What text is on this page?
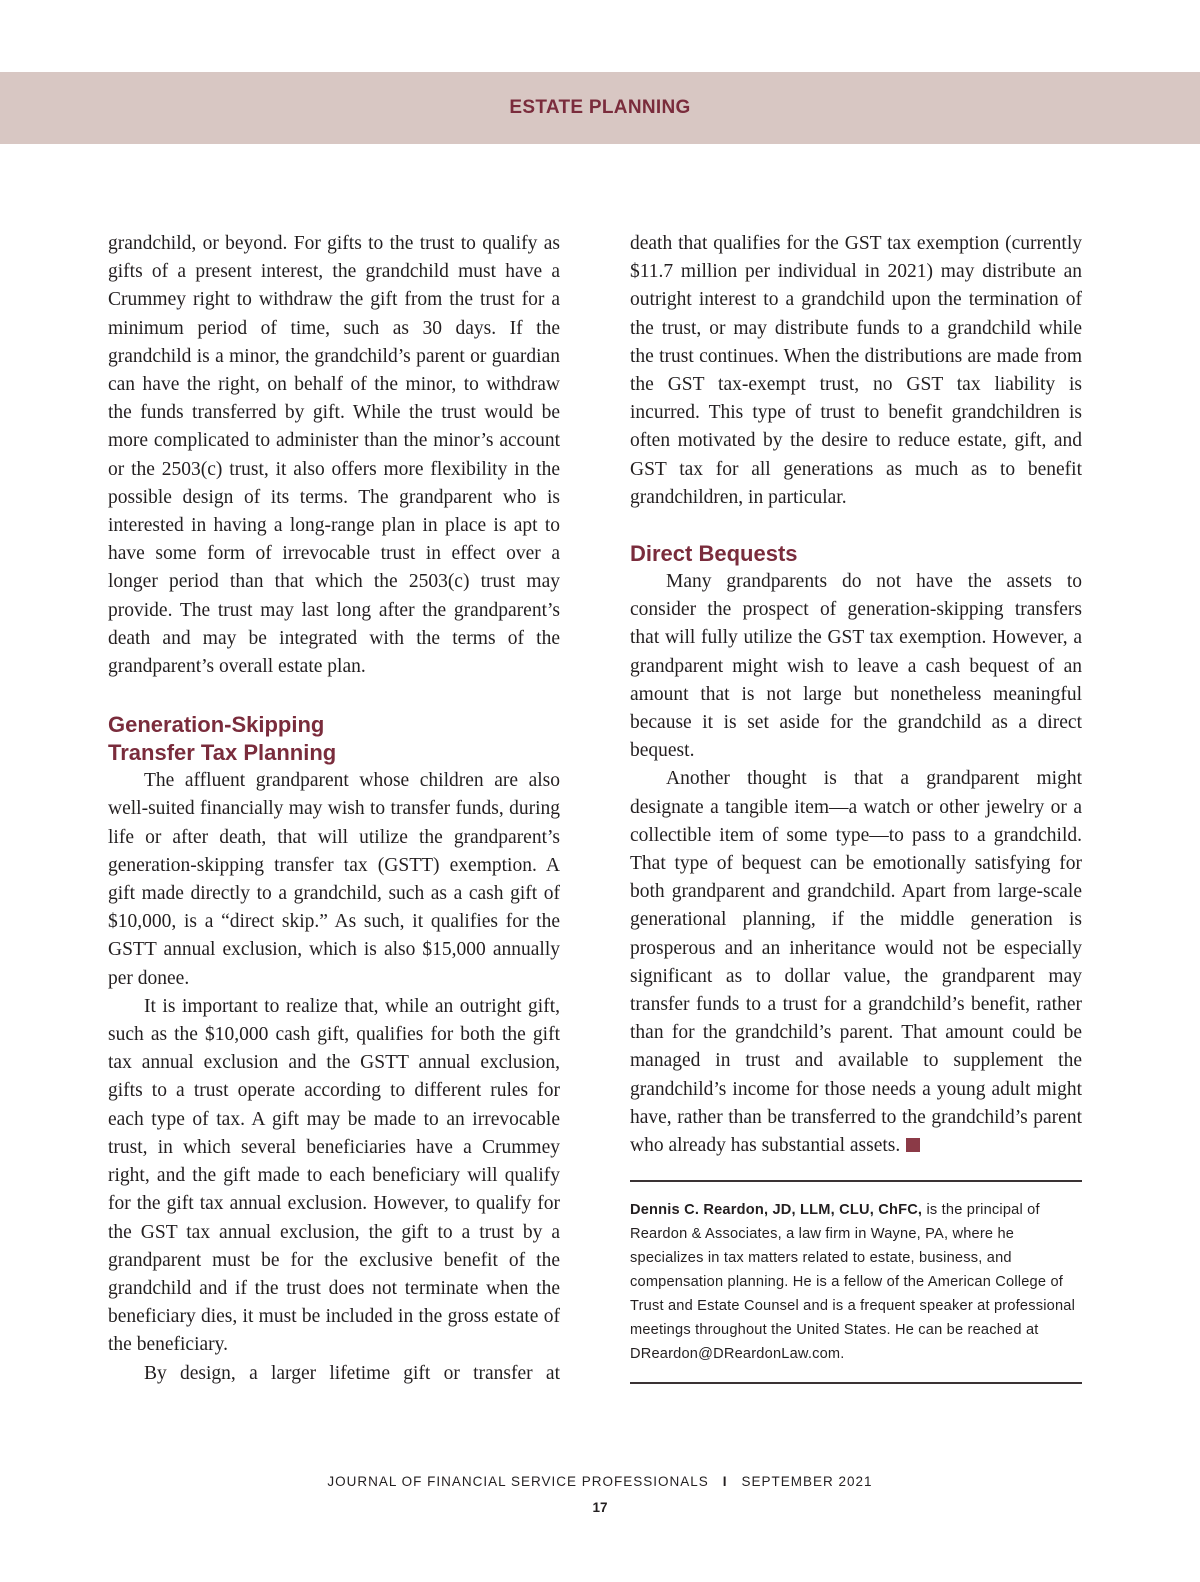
ESTATE PLANNING

grandchild, or beyond. For gifts to the trust to qualify as gifts of a present interest, the grandchild must have a Crummey right to withdraw the gift from the trust for a minimum period of time, such as 30 days. If the grandchild is a minor, the grandchild’s parent or guardian can have the right, on behalf of the minor, to withdraw the funds transferred by gift. While the trust would be more complicated to administer than the minor’s account or the 2503(c) trust, it also offers more flexibility in the possible design of its terms. The grandparent who is interested in having a long-range plan in place is apt to have some form of irrevocable trust in effect over a longer period than that which the 2503(c) trust may provide. The trust may last long after the grandparent’s death and may be integrated with the terms of the grandparent’s overall estate plan.

Generation-Skipping
Transfer Tax Planning

The affluent grandparent whose children are also well-suited financially may wish to transfer funds, during life or after death, that will utilize the grandparent’s generation-skipping transfer tax (GSTT) exemption. A gift made directly to a grandchild, such as a cash gift of $10,000, is a “direct skip.” As such, it qualifies for the GSTT annual exclusion, which is also $15,000 annually per donee.

It is important to realize that, while an outright gift, such as the $10,000 cash gift, qualifies for both the gift tax annual exclusion and the GSTT annual exclusion, gifts to a trust operate according to different rules for each type of tax. A gift may be made to an irrevocable trust, in which several beneficiaries have a Crummey right, and the gift made to each beneficiary will qualify for the gift tax annual exclusion. However, to qualify for the GST tax annual exclusion, the gift to a trust by a grandparent must be for the exclusive benefit of the grandchild and if the trust does not terminate when the beneficiary dies, it must be included in the gross estate of the beneficiary.

By design, a larger lifetime gift or transfer at

death that qualifies for the GST tax exemption (currently $11.7 million per individual in 2021) may distribute an outright interest to a grandchild upon the termination of the trust, or may distribute funds to a grandchild while the trust continues. When the distributions are made from the GST tax-exempt trust, no GST tax liability is incurred. This type of trust to benefit grandchildren is often motivated by the desire to reduce estate, gift, and GST tax for all generations as much as to benefit grandchildren, in particular.

Direct Bequests

Many grandparents do not have the assets to consider the prospect of generation-skipping transfers that will fully utilize the GST tax exemption. However, a grandparent might wish to leave a cash bequest of an amount that is not large but nonetheless meaningful because it is set aside for the grandchild as a direct bequest.

Another thought is that a grandparent might designate a tangible item—a watch or other jewelry or a collectible item of some type—to pass to a grandchild. That type of bequest can be emotionally satisfying for both grandparent and grandchild. Apart from large-scale generational planning, if the middle generation is prosperous and an inheritance would not be especially significant as to dollar value, the grandparent may transfer funds to a trust for a grandchild’s benefit, rather than for the grandchild’s parent. That amount could be managed in trust and available to supplement the grandchild’s income for those needs a young adult might have, rather than be transferred to the grandchild’s parent who already has substantial assets.

Dennis C. Reardon, JD, LLM, CLU, ChFC, is the principal of Reardon & Associates, a law firm in Wayne, PA, where he specializes in tax matters related to estate, business, and compensation planning. He is a fellow of the American College of Trust and Estate Counsel and is a frequent speaker at professional meetings throughout the United States. He can be reached at DReardon@DReardonLaw.com.

JOURNAL OF FINANCIAL SERVICE PROFESSIONALS I SEPTEMBER 2021
17
